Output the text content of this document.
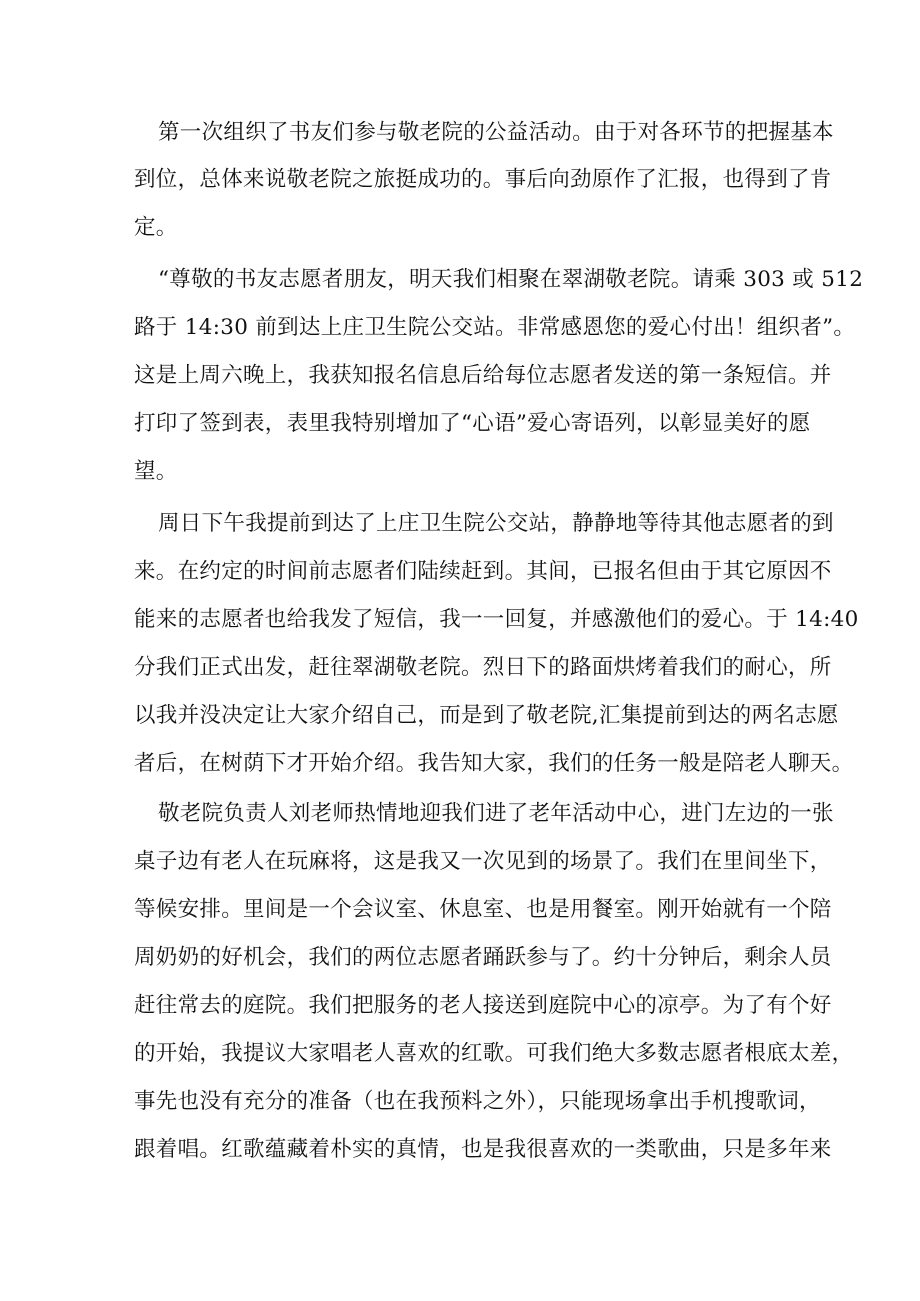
第一次组织了书友们参与敬老院的公益活动。由于对各环节的把握基本

到位，总体来说敬老院之旅挺成功的。事后向劲原作了汇报，也得到了肯

定。

“尊敬的书友志愿者朋友，明天我们相聚在翠湖敬老院。请乘 303 或 512

路于 14:30 前到达上庄卫生院公交站。非常感恩您的爱心付出！组织者”。

这是上周六晚上，我获知报名信息后给每位志愿者发送的第一条短信。并

打印了签到表，表里我特别增加了“心语”爱心寄语列，以彰显美好的愿

望。

周日下午我提前到达了上庄卫生院公交站，静静地等待其他志愿者的到

来。在约定的时间前志愿者们陆续赶到。其间，已报名但由于其它原因不

能来的志愿者也给我发了短信，我一一回复，并感激他们的爱心。于 14:40

分我们正式出发，赶往翠湖敬老院。烈日下的路面烘烤着我们的耐心，所

以我并没决定让大家介绍自己，而是到了敬老院,汇集提前到达的两名志愿

者后，在树荫下才开始介绍。我告知大家，我们的任务一般是陪老人聊天。

敬老院负责人刘老师热情地迎我们进了老年活动中心，进门左边的一张

桌子边有老人在玩麻将，这是我又一次见到的场景了。我们在里间坐下，

等候安排。里间是一个会议室、休息室、也是用餐室。刚开始就有一个陪

周奶奶的好机会，我们的两位志愿者踊跃参与了。约十分钟后，剩余人员

赶往常去的庭院。我们把服务的老人接送到庭院中心的凉亭。为了有个好

的开始，我提议大家唱老人喜欢的红歌。可我们绝大多数志愿者根底太差，

事先也没有充分的准备（也在我预料之外），只能现场拿出手机搜歌词，

跟着唱。红歌蕴藏着朴实的真情，也是我很喜欢的一类歌曲，只是多年来
